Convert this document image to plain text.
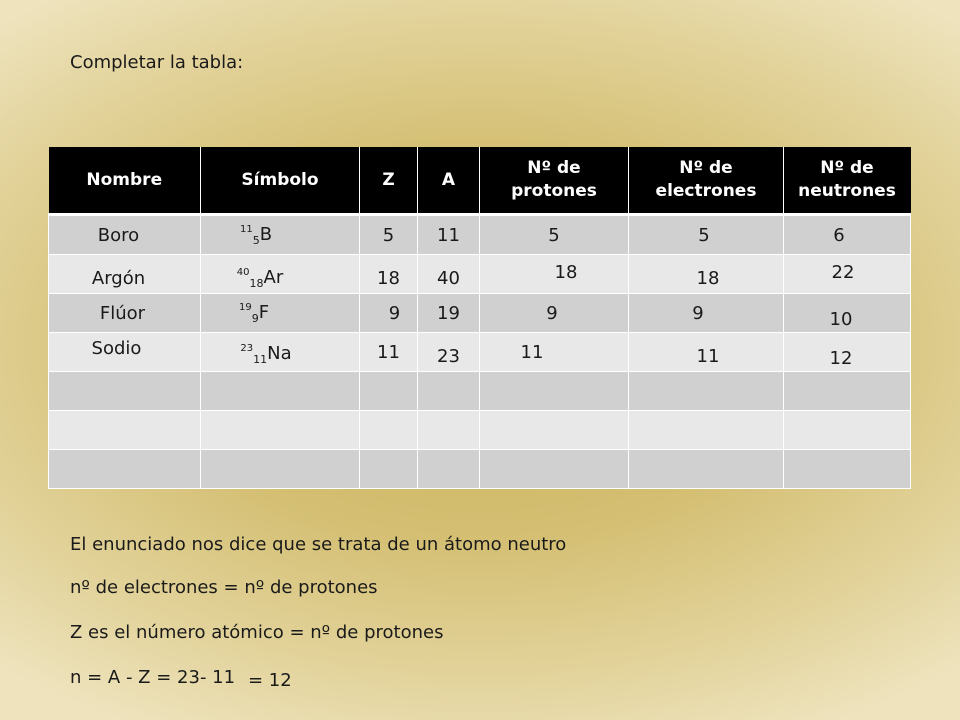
Completar la tabla:
Nombre	Símbolo	Z	A	Nº de protones	Nº de electrones	Nº de neutrones
Boro	$^{11}_5$B	5	11	5	5	6
Argón	$^{40}_{18}$Ar	18	40	18	18	22
Flúor	$^{19}_9$F	9	19	9	9	10
Sodio	$^{23}_{11}$Na	11	23	11	11	12

El enunciado nos dice que se trata de un átomo neutro
nº de electrones = nº de protones
Z es el número atómico = nº de protones
n = A - Z = 23- 11 = 12
